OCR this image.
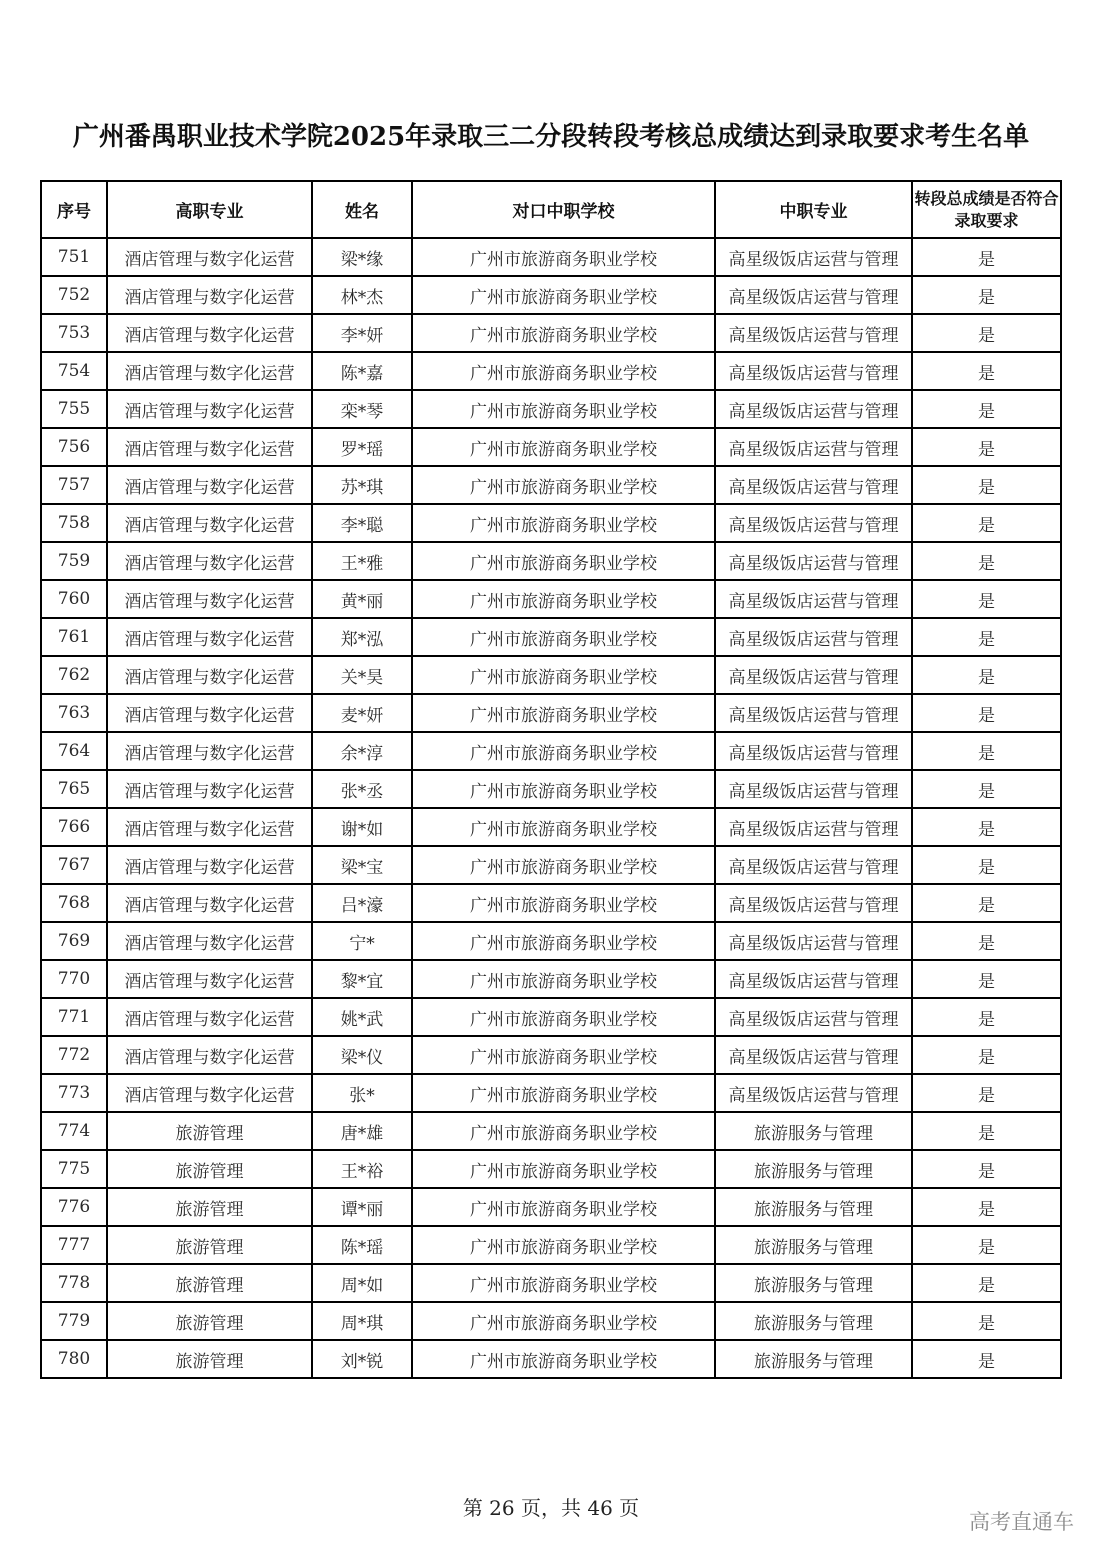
广州番禺职业技术学院2025年录取三二分段转段考核总成绩达到录取要求考生名单
序号	高职专业	姓名	对口中职学校	中职专业	转段总成绩是否符合录取要求
751	酒店管理与数字化运营	梁*缘	广州市旅游商务职业学校	高星级饭店运营与管理	是
752	酒店管理与数字化运营	林*杰	广州市旅游商务职业学校	高星级饭店运营与管理	是
753	酒店管理与数字化运营	李*妍	广州市旅游商务职业学校	高星级饭店运营与管理	是
754	酒店管理与数字化运营	陈*嘉	广州市旅游商务职业学校	高星级饭店运营与管理	是
755	酒店管理与数字化运营	栾*琴	广州市旅游商务职业学校	高星级饭店运营与管理	是
756	酒店管理与数字化运营	罗*瑶	广州市旅游商务职业学校	高星级饭店运营与管理	是
757	酒店管理与数字化运营	苏*琪	广州市旅游商务职业学校	高星级饭店运营与管理	是
758	酒店管理与数字化运营	李*聪	广州市旅游商务职业学校	高星级饭店运营与管理	是
759	酒店管理与数字化运营	王*雅	广州市旅游商务职业学校	高星级饭店运营与管理	是
760	酒店管理与数字化运营	黄*丽	广州市旅游商务职业学校	高星级饭店运营与管理	是
761	酒店管理与数字化运营	郑*泓	广州市旅游商务职业学校	高星级饭店运营与管理	是
762	酒店管理与数字化运营	关*昊	广州市旅游商务职业学校	高星级饭店运营与管理	是
763	酒店管理与数字化运营	麦*妍	广州市旅游商务职业学校	高星级饭店运营与管理	是
764	酒店管理与数字化运营	余*淳	广州市旅游商务职业学校	高星级饭店运营与管理	是
765	酒店管理与数字化运营	张*丞	广州市旅游商务职业学校	高星级饭店运营与管理	是
766	酒店管理与数字化运营	谢*如	广州市旅游商务职业学校	高星级饭店运营与管理	是
767	酒店管理与数字化运营	梁*宝	广州市旅游商务职业学校	高星级饭店运营与管理	是
768	酒店管理与数字化运营	吕*濠	广州市旅游商务职业学校	高星级饭店运营与管理	是
769	酒店管理与数字化运营	宁*	广州市旅游商务职业学校	高星级饭店运营与管理	是
770	酒店管理与数字化运营	黎*宜	广州市旅游商务职业学校	高星级饭店运营与管理	是
771	酒店管理与数字化运营	姚*武	广州市旅游商务职业学校	高星级饭店运营与管理	是
772	酒店管理与数字化运营	梁*仪	广州市旅游商务职业学校	高星级饭店运营与管理	是
773	酒店管理与数字化运营	张*	广州市旅游商务职业学校	高星级饭店运营与管理	是
774	旅游管理	唐*雄	广州市旅游商务职业学校	旅游服务与管理	是
775	旅游管理	王*裕	广州市旅游商务职业学校	旅游服务与管理	是
776	旅游管理	谭*丽	广州市旅游商务职业学校	旅游服务与管理	是
777	旅游管理	陈*瑶	广州市旅游商务职业学校	旅游服务与管理	是
778	旅游管理	周*如	广州市旅游商务职业学校	旅游服务与管理	是
779	旅游管理	周*琪	广州市旅游商务职业学校	旅游服务与管理	是
780	旅游管理	刘*锐	广州市旅游商务职业学校	旅游服务与管理	是
第 26 页，共 46 页
高考直通车
